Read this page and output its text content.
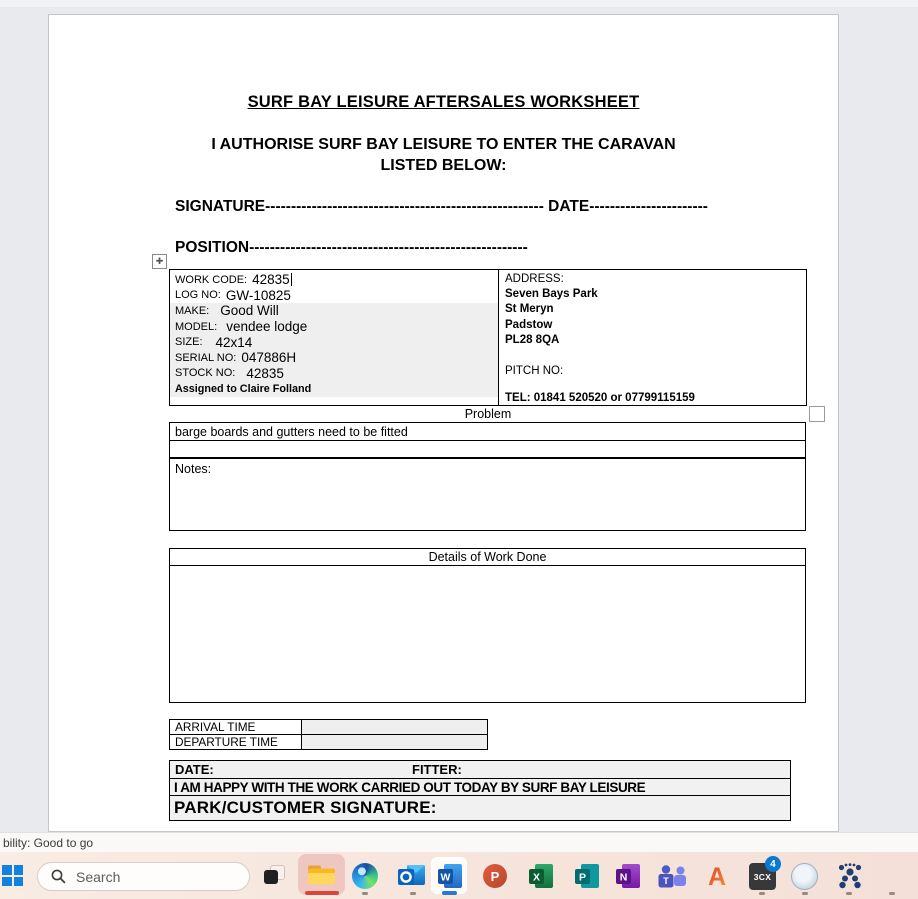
SURF BAY LEISURE AFTERSALES WORKSHEET
I AUTHORISE SURF BAY LEISURE TO ENTER THE CARAVAN
LISTED BELOW:
SIGNATURE------------------------------------------------------ DATE-----------------------
POSITION------------------------------------------------------
✚
WORK CODE: 42835
LOG NO: GW-10825
MAKE: Good Will
MODEL: vendee lodge
SIZE: 42x14
SERIAL NO: 047886H
STOCK NO: 42835
Assigned to Claire Folland
ADDRESS:
Seven Bays Park
St Meryn
Padstow
PL28 8QA
PITCH NO:
TEL: 01841 520520 or 07799115159
Problem
barge boards and gutters need to be fitted
Notes:
Details of Work Done
ARRIVAL TIME
DEPARTURE TIME
DATE:	FITTER:
I AM HAPPY WITH THE WORK CARRIED OUT TODAY BY SURF BAY LEISURE
PARK/CUSTOMER SIGNATURE:
bility: Good to go
Search
W	P	X	P	N	T A	3CX
4
